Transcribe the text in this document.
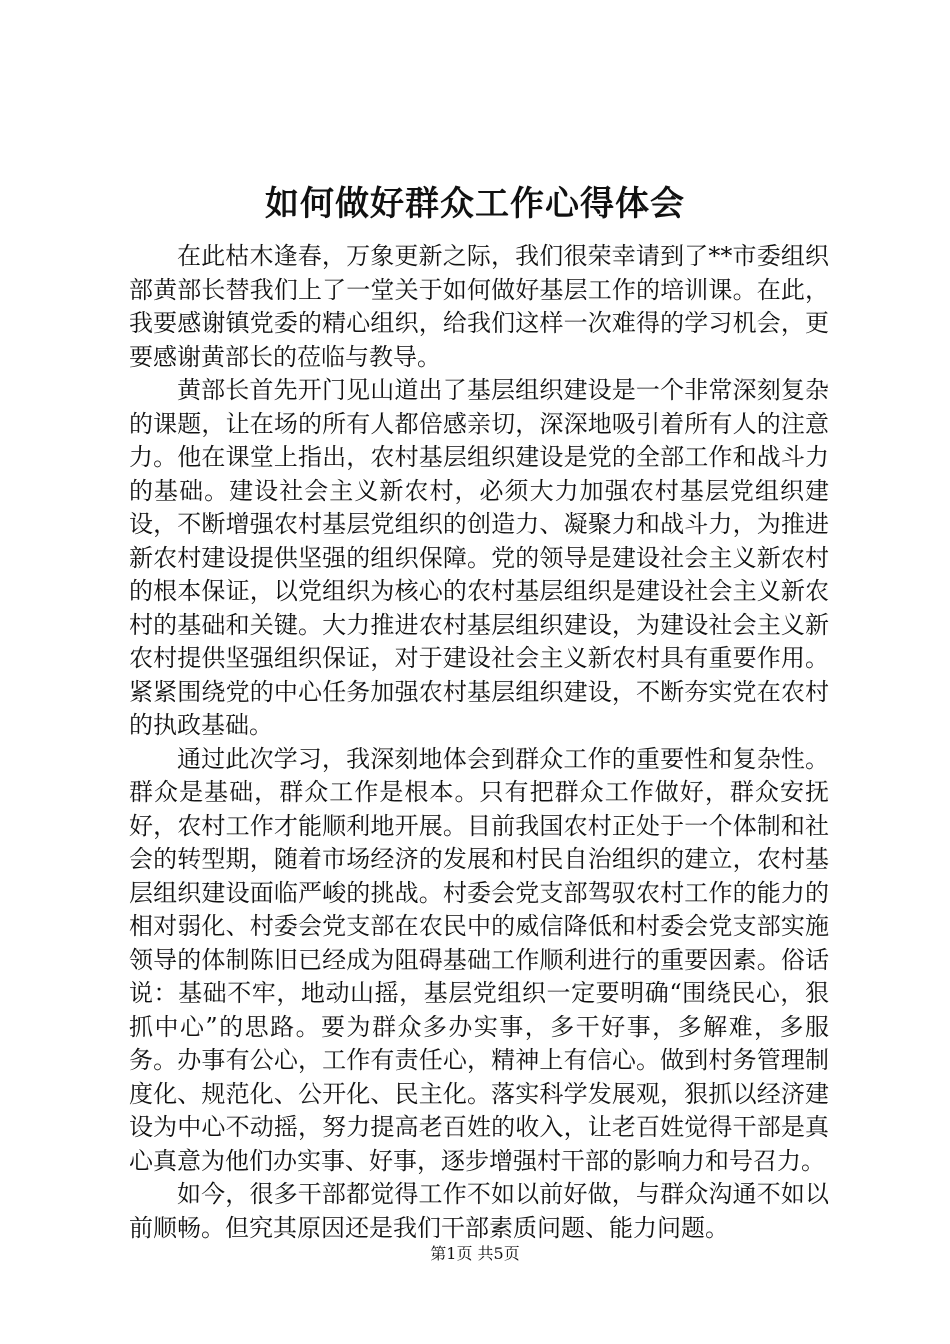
如何做好群众工作心得体会

在此枯木逢春，万象更新之际，我们很荣幸请到了**市委组织部黄部长替我们上了一堂关于如何做好基层工作的培训课。在此，我要感谢镇党委的精心组织，给我们这样一次难得的学习机会，更要感谢黄部长的莅临与教导。

黄部长首先开门见山道出了基层组织建设是一个非常深刻复杂的课题，让在场的所有人都倍感亲切，深深地吸引着所有人的注意力。他在课堂上指出，农村基层组织建设是党的全部工作和战斗力的基础。建设社会主义新农村，必须大力加强农村基层党组织建设，不断增强农村基层党组织的创造力、凝聚力和战斗力，为推进新农村建设提供坚强的组织保障。党的领导是建设社会主义新农村的根本保证，以党组织为核心的农村基层组织是建设社会主义新农村的基础和关键。大力推进农村基层组织建设，为建设社会主义新农村提供坚强组织保证，对于建设社会主义新农村具有重要作用。紧紧围绕党的中心任务加强农村基层组织建设，不断夯实党在农村的执政基础。

通过此次学习，我深刻地体会到群众工作的重要性和复杂性。群众是基础，群众工作是根本。只有把群众工作做好，群众安抚好，农村工作才能顺利地开展。目前我国农村正处于一个体制和社会的转型期，随着市场经济的发展和村民自治组织的建立，农村基层组织建设面临严峻的挑战。村委会党支部驾驭农村工作的能力的相对弱化、村委会党支部在农民中的威信降低和村委会党支部实施领导的体制陈旧已经成为阻碍基础工作顺利进行的重要因素。俗话说：基础不牢，地动山摇，基层党组织一定要明确“围绕民心，狠抓中心”的思路。要为群众多办实事，多干好事，多解难，多服务。办事有公心，工作有责任心，精神上有信心。做到村务管理制度化、规范化、公开化、民主化。落实科学发展观，狠抓以经济建设为中心不动摇，努力提高老百姓的收入，让老百姓觉得干部是真心真意为他们办实事、好事，逐步增强村干部的影响力和号召力。

如今，很多干部都觉得工作不如以前好做，与群众沟通不如以前顺畅。但究其原因还是我们干部素质问题、能力问题。

第1页 共5页
